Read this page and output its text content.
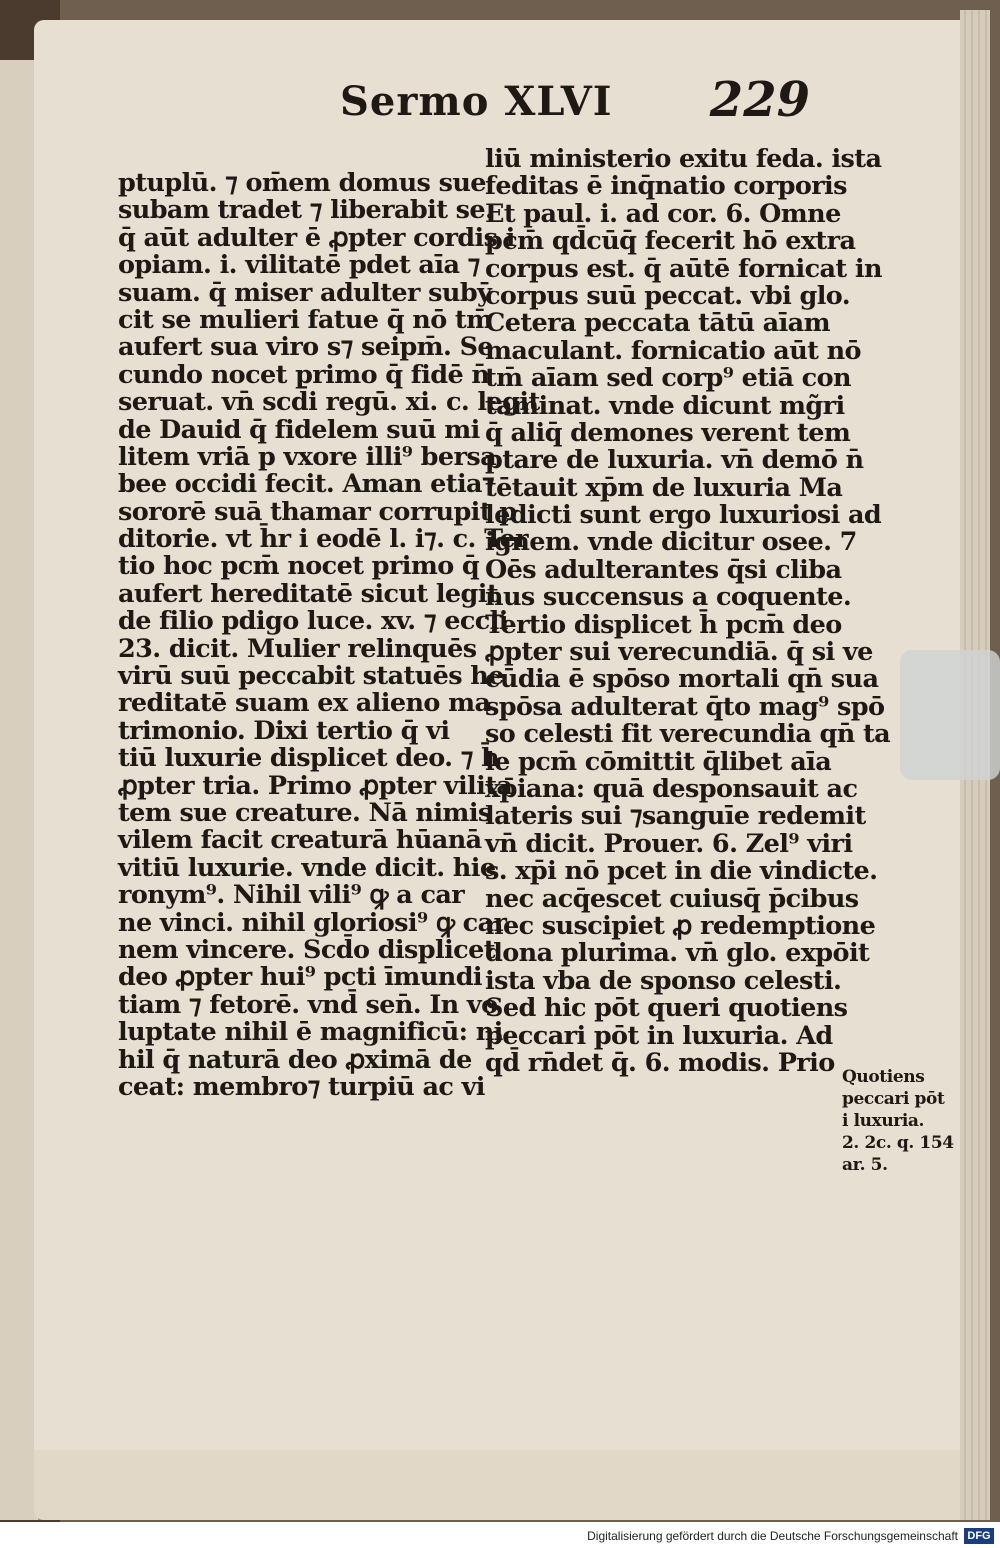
Sermo XLVI 229
ptuplū. ⁊ om̄em domus sue
subam tradet ⁊ liberabit se.
q̄ aūt adulter ē ꝓpter cordis i
opiam. i. vilitatē pdet aīa ⁊
suam. q̄ miser adulter subȳ
cit se mulieri fatue q̄ nō tm̄
aufert sua viro s⁊ seipm̄. Se
cundo nocet primo q̄ fidē n̄
seruat. vn̄ scd̄i regū. xi. c. legit
de Dauid q̄ fidelem suū mi
litem vriā p vxore illi⁹ bersa
bee occidi fecit. Aman etia⁊
sororē suā thamar corrupit p
ditorie. vt h̄r i eodē l. i⁊. c. Ter
tio hoc pcm̄ nocet primo q̄
aufert hereditatē sicut legit
de filio pdigo luce. xv. ⁊ eccli
23. dicit. Mulier relinquēs
virū suū peccabit statuēs he
reditatē suam ex alieno ma
trimonio. Dixi tertio q̄ vi
tiū luxurie displicet deo. ⁊ h̄
ꝓpter tria. Primo ꝓpter vilita
tem sue creature. Nā nimis
vilem facit creaturā hūanā
vitiū luxurie. vnde dicit. hie
ronym⁹. Nihil vili⁹ ꝙ a car
ne vinci. nihil gloriosi⁹ ꝙ car
nem vincere. Scd̄o displicet
deo ꝓpter hui⁹ pcti īmundi
tiam ⁊ fetorē. vnd̄ sen̄. In vo
luptate nihil ē magnificū: ni
hil q̄ naturā deo ꝓximā de
ceat: membro⁊ turpiū ac vi
liū ministerio exitu feda. ista
feditas ē inq̄natio corporis
Et paul. i. ad cor. 6. Omne
pcm̄ qd̄cūq̄ fecerit hō extra
corpus est. q̄ aūtē fornicat in
corpus suū peccat. vbi glo.
Cetera peccata tātū aīam
maculant. fornicatio aūt nō
tm̄ aīam sed corp⁹ etiā con
taminat. vnde dicunt mg̃ri
q̄ aliq̄ demones verent tem
ptare de luxuria. vn̄ demō n̄
tētauit xp̄m de luxuria Ma
ledicti sunt ergo luxuriosi ad
ignem. vnde dicitur osee. 7
Oēs adulterantes q̄si cliba
nus succensus a coquente.
Tertio displicet h̄ pcm̄ deo
ꝓpter sui verecundiā. q̄ si ve
cūdia ē spōso mortali qn̄ sua
spōsa adulterat q̄to mag⁹ spō
so celesti fit verecundia qn̄ ta
le pcm̄ cōmittit q̄libet aīa
xp̄iana: quā desponsauit ac
lateris sui ⁊sanguīe redemit
vn̄ dicit. Prouer. 6. Zel⁹ viri
s. xp̄i nō pcet in die vindicte.
nec acq̄escet cuiusq̄ p̄cibus
nec suscipiet ꝓ redemptione
dona plurima. vn̄ glo. expōit
ista vba de sponso celesti.
Sed hic pōt queri quotiens
peccari pōt in luxuria. Ad
qd̄ rn̄det q̄. 6. modis. Prio Quotiens
peccari pōt
i luxuria.
2. 2c. q. 154
ar. 5.
Digitalisierung gefördert durch die Deutsche Forschungsgemeinschaft DFG
